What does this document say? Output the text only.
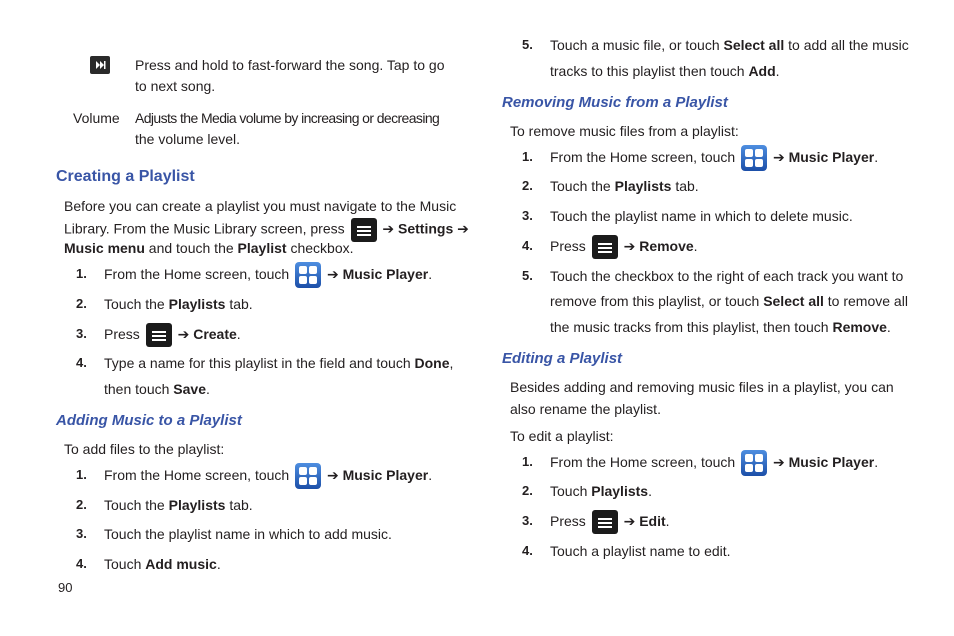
Press and hold to fast-forward the song. Tap to go
to next song.
Volume Adjusts the Media volume by increasing or decreasing
the volume level.
Creating a Playlist
Before you can create a playlist you must navigate to the Music
Library. From the Music Library screen, press	➔ Settings ➔
Music menu and touch the Playlist checkbox.
1. From the Home screen, touch	➔ Music Player.
2. Touch the Playlists tab.
3. Press	➔ Create.
4. Type a name for this playlist in the field and touch Done,
then touch Save.
Adding Music to a Playlist
To add files to the playlist:
1. From the Home screen, touch	➔ Music Player.
2. Touch the Playlists tab.
3. Touch the playlist name in which to add music.
4. Touch Add music.
90
5. Touch a music file, or touch Select all to add all the music
tracks to this playlist then touch Add.
Removing Music from a Playlist
To remove music files from a playlist:
1. From the Home screen, touch	➔ Music Player.
2. Touch the Playlists tab.
3. Touch the playlist name in which to delete music.
4. Press	➔ Remove.
5. Touch the checkbox to the right of each track you want to
remove from this playlist, or touch Select all to remove all
the music tracks from this playlist, then touch Remove.
Editing a Playlist
Besides adding and removing music files in a playlist, you can
also rename the playlist.
To edit a playlist:
1. From the Home screen, touch	➔ Music Player.
2. Touch Playlists.
3. Press	➔ Edit.
4. Touch a playlist name to edit.
